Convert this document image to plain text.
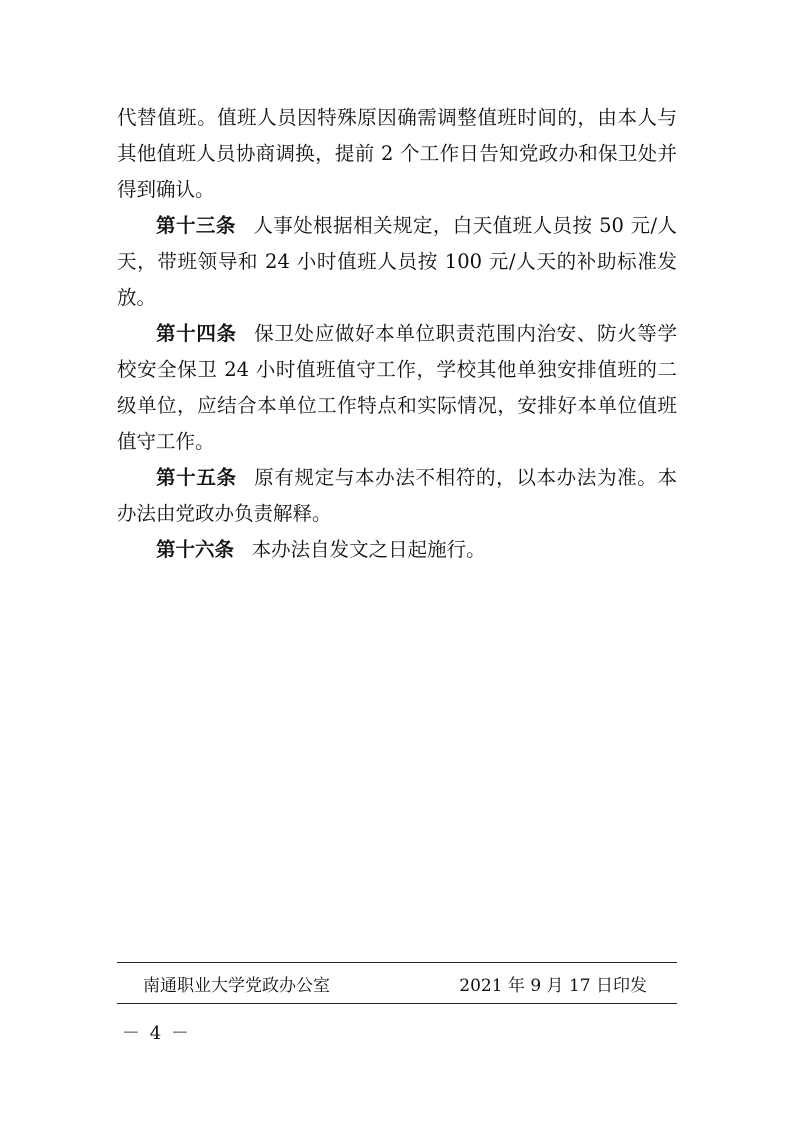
代替值班。值班人员因特殊原因确需调整值班时间的，由本人与其他值班人员协商调换，提前 2 个工作日告知党政办和保卫处并得到确认。

第十三条 人事处根据相关规定，白天值班人员按 50 元/人天，带班领导和 24 小时值班人员按 100 元/人天的补助标准发放。

第十四条 保卫处应做好本单位职责范围内治安、防火等学校安全保卫 24 小时值班值守工作，学校其他单独安排值班的二级单位，应结合本单位工作特点和实际情况，安排好本单位值班值守工作。

第十五条 原有规定与本办法不相符的，以本办法为准。本办法由党政办负责解释。

第十六条 本办法自发文之日起施行。

南通职业大学党政办公室	2021 年 9 月 17 日印发
－ 4 －
